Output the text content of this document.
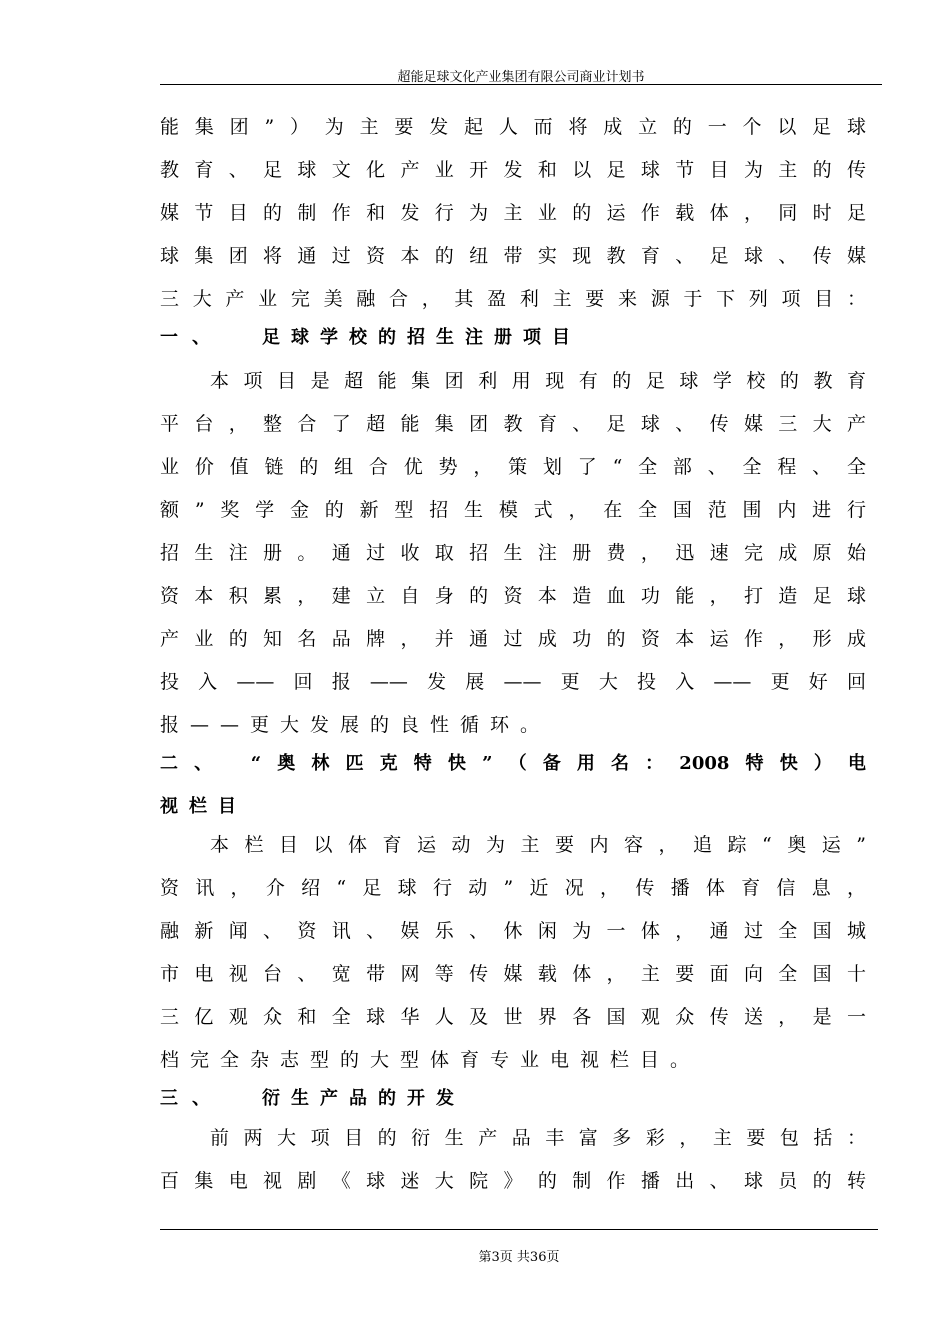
超能足球文化产业集团有限公司商业计划书
能集团”）为主要发起人而将成立的一个以足球
教育、足球文化产业开发和以足球节目为主的传
媒节目的制作和发行为主业的运作载体，同时足
球集团将通过资本的纽带实现教育、足球、传媒
三大产业完美融合，其盈利主要来源于下列项目：
一、 足球学校的招生注册项目
本项目是超能集团利用现有的足球学校的教育
平台，整合了超能集团教育、足球、传媒三大产
业价值链的组合优势，策划了“全部、全程、全
额”奖学金的新型招生模式，在全国范围内进行
招生注册。通过收取招生注册费，迅速完成原始
资本积累，建立自身的资本造血功能，打造足球
产业的知名品牌，并通过成功的资本运作，形成
投入——回报——发展——更大投入——更好回
报——更大发展的良性循环。
二、 “奥林匹克特快”（备用名：2008特快）电
视栏目
本栏目以体育运动为主要内容，追踪“奥运”
资讯，介绍“足球行动”近况，传播体育信息，
融新闻、资讯、娱乐、休闲为一体，通过全国城
市电视台、宽带网等传媒载体，主要面向全国十
三亿观众和全球华人及世界各国观众传送，是一
档完全杂志型的大型体育专业电视栏目。
三、 衍生产品的开发
前两大项目的衍生产品丰富多彩，主要包括：
百集电视剧《球迷大院》的制作播出、球员的转
第3页 共36页
